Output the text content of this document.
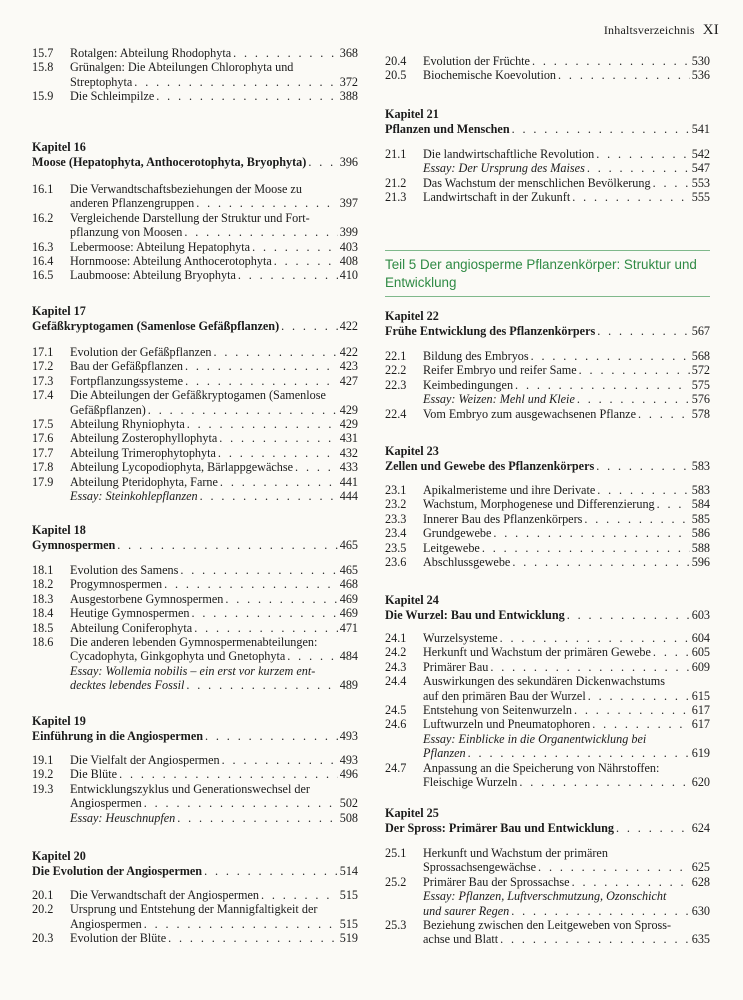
Inhaltsverzeichnis XI
15.7	Rotalgen: Abteilung Rhodophyta . . .	368
15.8	Grünalgen: Die Abteilungen Chlorophyta und
Streptophyta . . .	372
15.9	Die Schleimpilze . . .	388
Kapitel 16
Moose (Hepatophyta, Anthocerotophyta, Bryophyta) . . .	396
16.1	Die Verwandtschaftsbeziehungen der Moose zu
anderen Pflanzengruppen . . .	397
16.2	Vergleichende Darstellung der Struktur und Fort-
pflanzung von Moosen . . .	399
16.3	Lebermoose: Abteilung Hepatophyta . . .	403
16.4	Hornmoose: Abteilung Anthocerotophyta . . .	408
16.5	Laubmoose: Abteilung Bryophyta . . .	410
Kapitel 17
Gefäßkryptogamen (Samenlose Gefäßpflanzen) . . .	422
17.1	Evolution der Gefäßpflanzen . . .	422
17.2	Bau der Gefäßpflanzen . . .	423
17.3	Fortpflanzungssysteme . . .	427
17.4	Die Abteilungen der Gefäßkryptogamen (Samenlose
Gefäßpflanzen) . . .	429
17.5	Abteilung Rhyniophyta . . .	429
17.6	Abteilung Zosterophyllophyta . . .	431
17.7	Abteilung Trimerophytophyta . . .	432
17.8	Abteilung Lycopodiophyta, Bärlappgewächse . . .	433
17.9	Abteilung Pteridophyta, Farne . . .	441
Essay: Steinkohlepflanzen . . .	444
Kapitel 18
Gymnospermen . . .	465
18.1	Evolution des Samens . . .	465
18.2	Progymnospermen . . .	468
18.3	Ausgestorbene Gymnospermen . . .	469
18.4	Heutige Gymnospermen . . .	469
18.5	Abteilung Coniferophyta . . .	471
18.6	Die anderen lebenden Gymnospermenabteilungen:
Cycadophyta, Ginkgophyta und Gnetophyta . . .	484
Essay: Wollemia nobilis – ein erst vor kurzem ent-
decktes lebendes Fossil . . .	489
Kapitel 19
Einführung in die Angiospermen . . .	493
19.1	Die Vielfalt der Angiospermen . . .	493
19.2	Die Blüte . . .	496
19.3	Entwicklungszyklus und Generationswechsel der
Angiospermen . . .	502
Essay: Heuschnupfen . . .	508
Kapitel 20
Die Evolution der Angiospermen . . .	514
20.1	Die Verwandtschaft der Angiospermen . . .	515
20.2	Ursprung und Entstehung der Mannigfaltigkeit der
Angiospermen . . .	515
20.3	Evolution der Blüte . . .	519
20.4	Evolution der Früchte . . .	530
20.5	Biochemische Koevolution . . .	536
Kapitel 21
Pflanzen und Menschen . . .	541
21.1	Die landwirtschaftliche Revolution . . .	542
Essay: Der Ursprung des Maises . . .	547
21.2	Das Wachstum der menschlichen Bevölkerung . . .	553
21.3	Landwirtschaft in der Zukunft . . .	555
Teil 5 Der angiosperme Pflanzenkörper: Struktur und Entwicklung
Kapitel 22
Frühe Entwicklung des Pflanzenkörpers . . .	567
22.1	Bildung des Embryos . . .	568
22.2	Reifer Embryo und reifer Same . . .	572
22.3	Keimbedingungen . . .	575
Essay: Weizen: Mehl und Kleie . . .	576
22.4	Vom Embryo zum ausgewachsenen Pflanze . . .	578
Kapitel 23
Zellen und Gewebe des Pflanzenkörpers . . .	583
23.1	Apikalmeristeme und ihre Derivate . . .	583
23.2	Wachstum, Morphogenese und Differenzierung . . .	584
23.3	Innerer Bau des Pflanzenkörpers . . .	585
23.4	Grundgewebe . . .	586
23.5	Leitgewebe . . .	588
23.6	Abschlussgewebe . . .	596
Kapitel 24
Die Wurzel: Bau und Entwicklung . . .	603
24.1	Wurzelsysteme . . .	604
24.2	Herkunft und Wachstum der primären Gewebe . . .	605
24.3	Primärer Bau . . .	609
24.4	Auswirkungen des sekundären Dickenwachstums
auf den primären Bau der Wurzel . . .	615
24.5	Entstehung von Seitenwurzeln . . .	617
24.6	Luftwurzeln und Pneumatophoren . . .	617
Essay: Einblicke in die Organentwicklung bei
Pflanzen . . .	619
24.7	Anpassung an die Speicherung von Nährstoffen:
Fleischige Wurzeln . . .	620
Kapitel 25
Der Spross: Primärer Bau und Entwicklung . . .	624
25.1	Herkunft und Wachstum der primären
Sprossachsengewächse . . .	625
25.2	Primärer Bau der Sprossachse . . .	628
Essay: Pflanzen, Luftverschmutzung, Ozonschicht
und saurer Regen . . .	630
25.3	Beziehung zwischen den Leitgeweben von Spross-
achse und Blatt . . .	635
